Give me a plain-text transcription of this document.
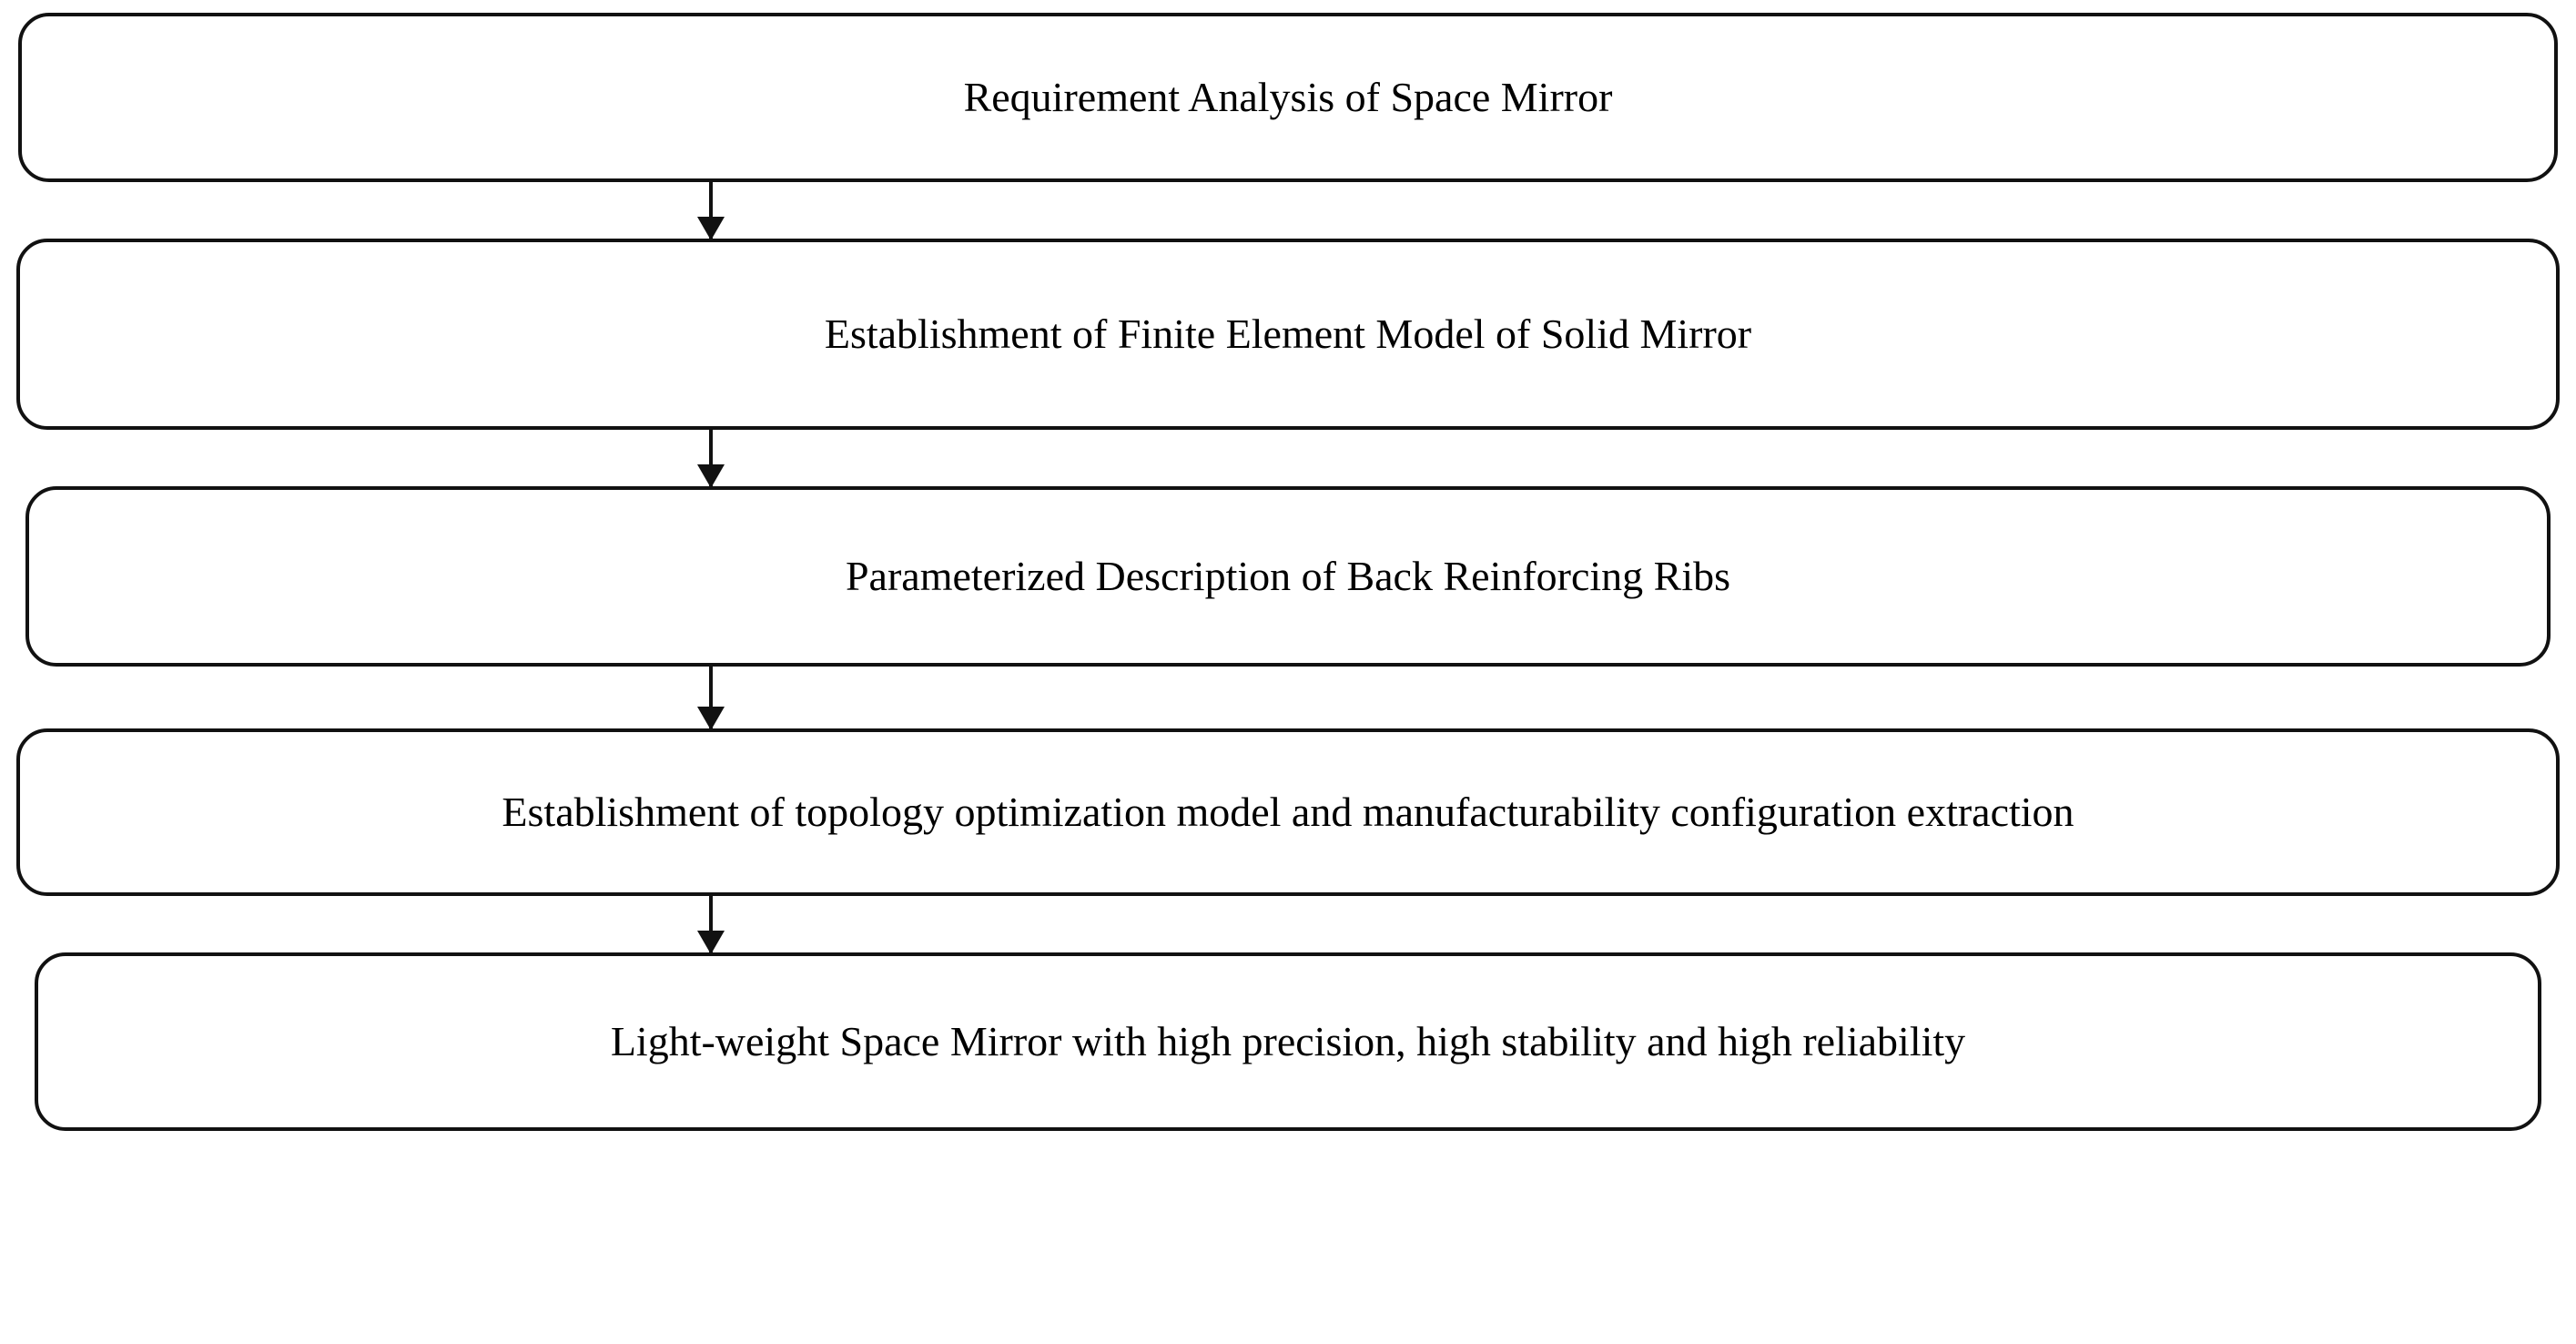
Requirement Analysis of Space Mirror
Establishment of Finite Element Model of Solid Mirror
Parameterized Description of Back Reinforcing Ribs
Establishment of topology optimization model and manufacturability configuration extraction
Light-weight Space Mirror with high precision, high stability and high reliability
